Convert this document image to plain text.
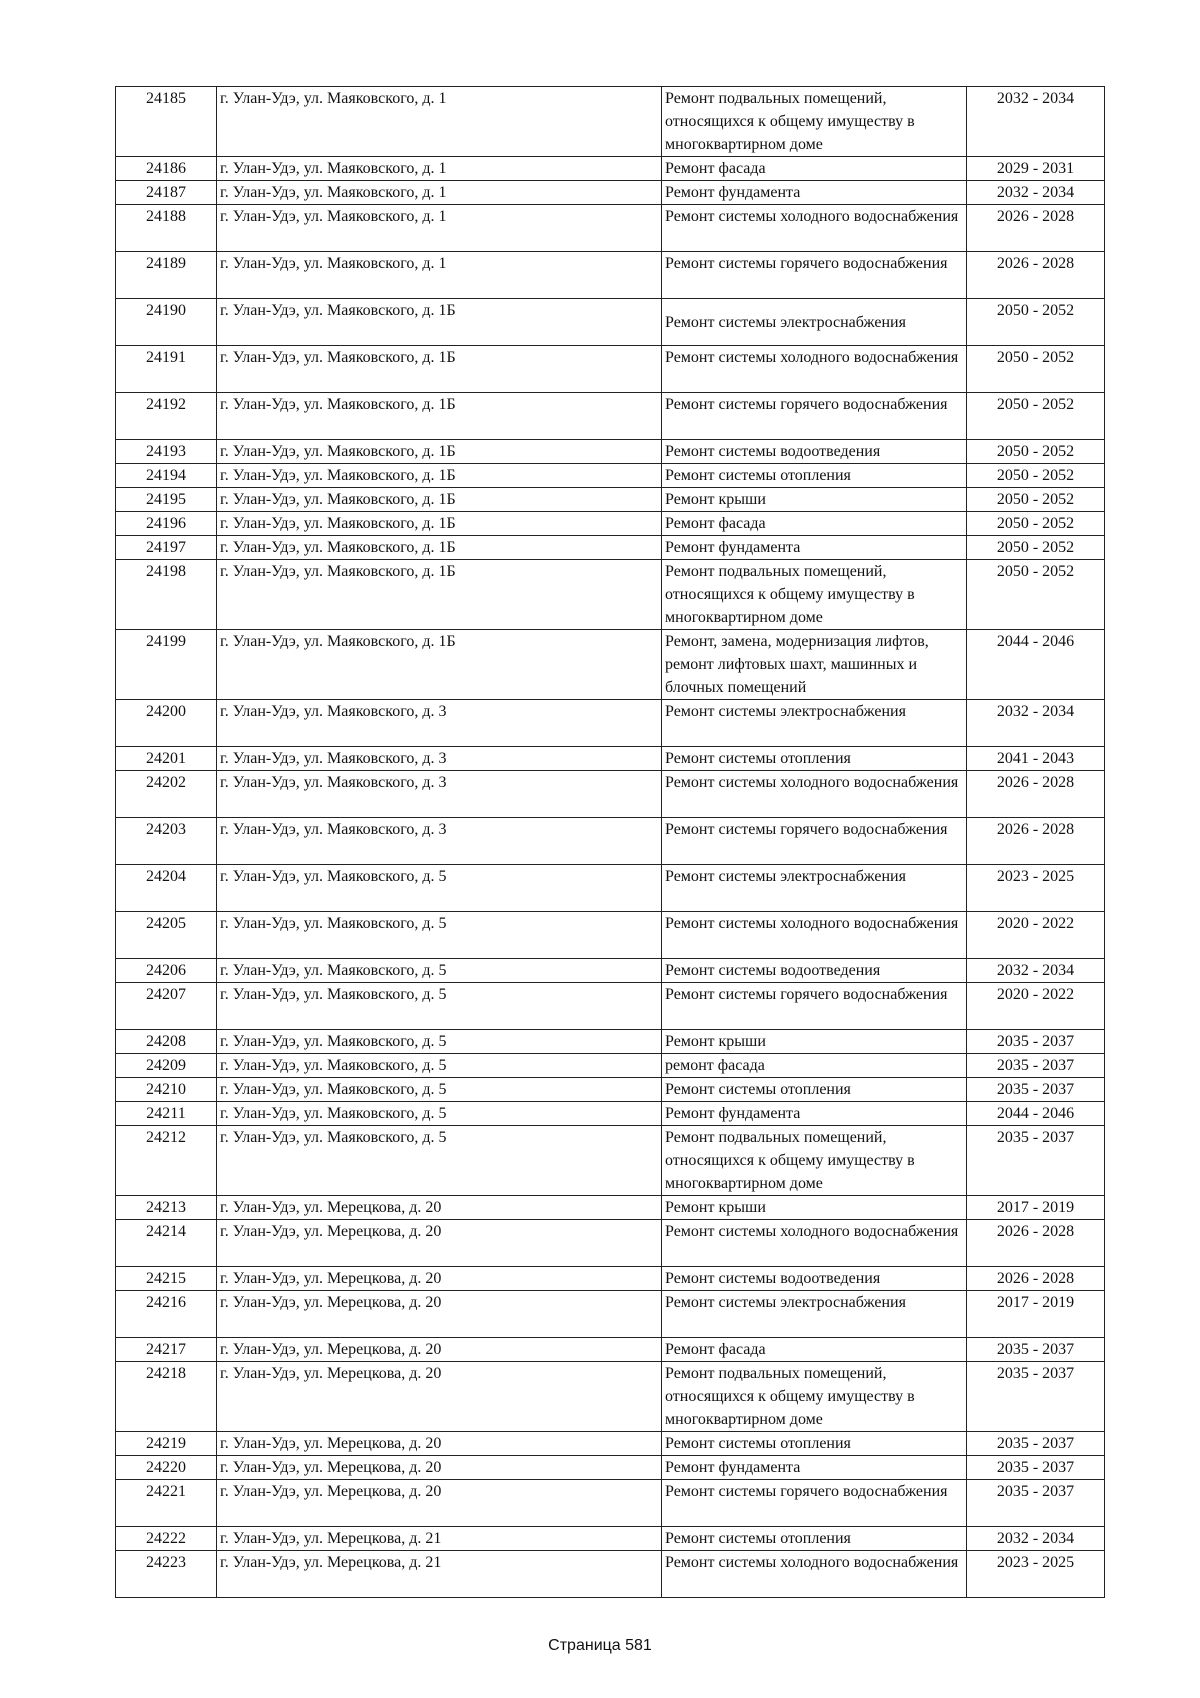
24185	г. Улан-Удэ, ул. Маяковского, д. 1	Ремонт подвальных помещений, относящихся к общему имуществу в многоквартирном доме	2032 - 2034
24186	г. Улан-Удэ, ул. Маяковского, д. 1	Ремонт фасада	2029 - 2031
24187	г. Улан-Удэ, ул. Маяковского, д. 1	Ремонт фундамента	2032 - 2034
24188	г. Улан-Удэ, ул. Маяковского, д. 1	Ремонт системы холодного водоснабжения	2026 - 2028
24189	г. Улан-Удэ, ул. Маяковского, д. 1	Ремонт системы горячего водоснабжения	2026 - 2028
24190	г. Улан-Удэ, ул. Маяковского, д. 1Б	Ремонт системы электроснабжения	2050 - 2052
24191	г. Улан-Удэ, ул. Маяковского, д. 1Б	Ремонт системы холодного водоснабжения	2050 - 2052
24192	г. Улан-Удэ, ул. Маяковского, д. 1Б	Ремонт системы горячего водоснабжения	2050 - 2052
24193	г. Улан-Удэ, ул. Маяковского, д. 1Б	Ремонт системы водоотведения	2050 - 2052
24194	г. Улан-Удэ, ул. Маяковского, д. 1Б	Ремонт системы отопления	2050 - 2052
24195	г. Улан-Удэ, ул. Маяковского, д. 1Б	Ремонт крыши	2050 - 2052
24196	г. Улан-Удэ, ул. Маяковского, д. 1Б	Ремонт фасада	2050 - 2052
24197	г. Улан-Удэ, ул. Маяковского, д. 1Б	Ремонт фундамента	2050 - 2052
24198	г. Улан-Удэ, ул. Маяковского, д. 1Б	Ремонт подвальных помещений, относящихся к общему имуществу в многоквартирном доме	2050 - 2052
24199	г. Улан-Удэ, ул. Маяковского, д. 1Б	Ремонт, замена, модернизация лифтов, ремонт лифтовых шахт, машинных и блочных помещений	2044 - 2046
24200	г. Улан-Удэ, ул. Маяковского, д. 3	Ремонт системы электроснабжения	2032 - 2034
24201	г. Улан-Удэ, ул. Маяковского, д. 3	Ремонт системы отопления	2041 - 2043
24202	г. Улан-Удэ, ул. Маяковского, д. 3	Ремонт системы холодного водоснабжения	2026 - 2028
24203	г. Улан-Удэ, ул. Маяковского, д. 3	Ремонт системы горячего водоснабжения	2026 - 2028
24204	г. Улан-Удэ, ул. Маяковского, д. 5	Ремонт системы электроснабжения	2023 - 2025
24205	г. Улан-Удэ, ул. Маяковского, д. 5	Ремонт системы холодного водоснабжения	2020 - 2022
24206	г. Улан-Удэ, ул. Маяковского, д. 5	Ремонт системы водоотведения	2032 - 2034
24207	г. Улан-Удэ, ул. Маяковского, д. 5	Ремонт системы горячего водоснабжения	2020 - 2022
24208	г. Улан-Удэ, ул. Маяковского, д. 5	Ремонт крыши	2035 - 2037
24209	г. Улан-Удэ, ул. Маяковского, д. 5	ремонт фасада	2035 - 2037
24210	г. Улан-Удэ, ул. Маяковского, д. 5	Ремонт системы отопления	2035 - 2037
24211	г. Улан-Удэ, ул. Маяковского, д. 5	Ремонт фундамента	2044 - 2046
24212	г. Улан-Удэ, ул. Маяковского, д. 5	Ремонт подвальных помещений, относящихся к общему имуществу в многоквартирном доме	2035 - 2037
24213	г. Улан-Удэ, ул. Мерецкова, д. 20	Ремонт крыши	2017 - 2019
24214	г. Улан-Удэ, ул. Мерецкова, д. 20	Ремонт системы холодного водоснабжения	2026 - 2028
24215	г. Улан-Удэ, ул. Мерецкова, д. 20	Ремонт системы водоотведения	2026 - 2028
24216	г. Улан-Удэ, ул. Мерецкова, д. 20	Ремонт системы электроснабжения	2017 - 2019
24217	г. Улан-Удэ, ул. Мерецкова, д. 20	Ремонт фасада	2035 - 2037
24218	г. Улан-Удэ, ул. Мерецкова, д. 20	Ремонт подвальных помещений, относящихся к общему имуществу в многоквартирном доме	2035 - 2037
24219	г. Улан-Удэ, ул. Мерецкова, д. 20	Ремонт системы отопления	2035 - 2037
24220	г. Улан-Удэ, ул. Мерецкова, д. 20	Ремонт фундамента	2035 - 2037
24221	г. Улан-Удэ, ул. Мерецкова, д. 20	Ремонт системы горячего водоснабжения	2035 - 2037
24222	г. Улан-Удэ, ул. Мерецкова, д. 21	Ремонт системы отопления	2032 - 2034
24223	г. Улан-Удэ, ул. Мерецкова, д. 21	Ремонт системы холодного водоснабжения	2023 - 2025
Страница 581
